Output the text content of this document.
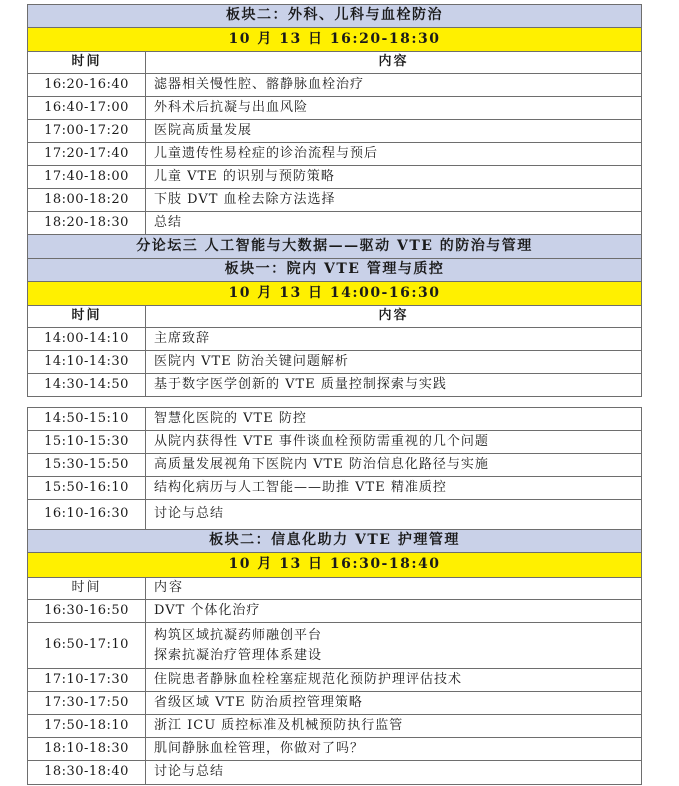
板块二：外科、儿科与血栓防治	
10 月 13 日 16:20-18:30	
时间	内容
16:20-16:40	滤器相关慢性腔、髂静脉血栓治疗
16:40-17:00	外科术后抗凝与出血风险
17:00-17:20	医院高质量发展
17:20-17:40	儿童遗传性易栓症的诊治流程与预后
17:40-18:00	儿童 VTE 的识别与预防策略
18:00-18:20	下肢 DVT 血栓去除方法选择
18:20-18:30	总结
分论坛三 人工智能与大数据——驱动 VTE 的防治与管理	
板块一：院内 VTE 管理与质控	
10 月 13 日 14:00-16:30	
时间	内容
14:00-14:10	主席致辞
14:10-14:30	医院内 VTE 防治关键问题解析
14:30-14:50	基于数字医学创新的 VTE 质量控制探索与实践
14:50-15:10	智慧化医院的 VTE 防控
15:10-15:30	从院内获得性 VTE 事件谈血栓预防需重视的几个问题
15:30-15:50	高质量发展视角下医院内 VTE 防治信息化路径与实施
15:50-16:10	结构化病历与人工智能——助推 VTE 精准质控
16:10-16:30	讨论与总结
板块二：信息化助力 VTE 护理管理	
10 月 13 日 16:30-18:40	
时间	内容
16:30-16:50	DVT 个体化治疗
16:50-17:10	构筑区域抗凝药师融创平台
探索抗凝治疗管理体系建设

17:10-17:30	住院患者静脉血栓栓塞症规范化预防护理评估技术
17:30-17:50	省级区域 VTE 防治质控管理策略
17:50-18:10	浙江 ICU 质控标准及机械预防执行监管
18:10-18:30	肌间静脉血栓管理，你做对了吗？
18:30-18:40	讨论与总结
